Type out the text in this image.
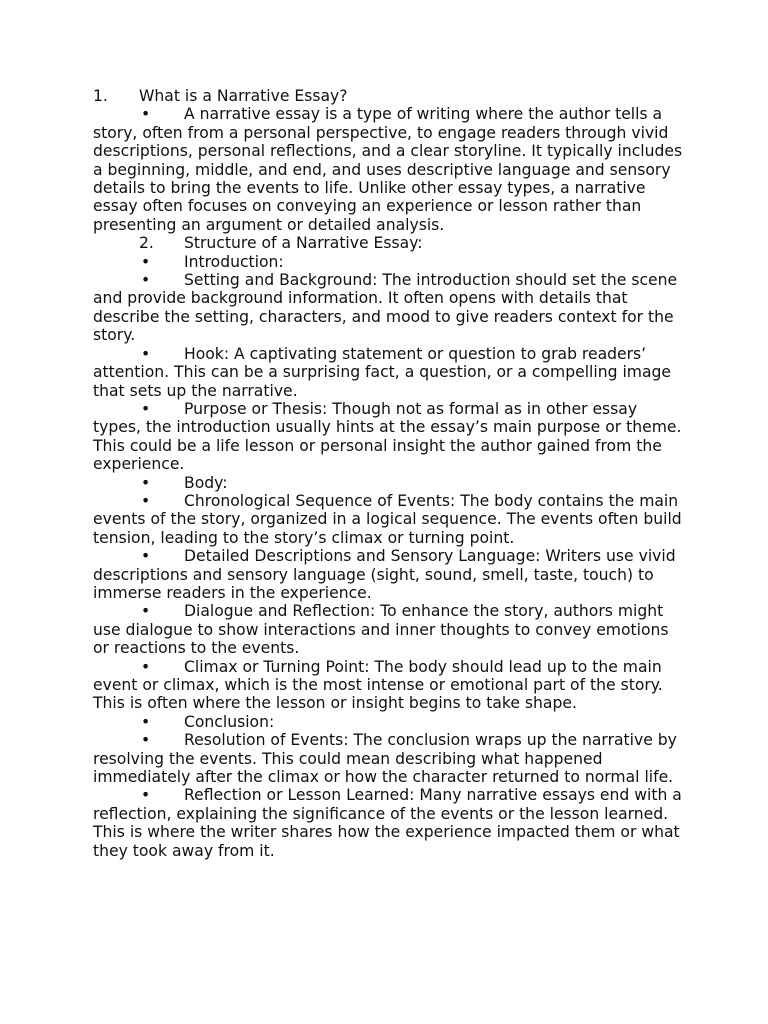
1. What is a Narrative Essay?

• A narrative essay is a type of writing where the author tells a story, often from a personal perspective, to engage readers through vivid descriptions, personal reflections, and a clear storyline. It typically includes a beginning, middle, and end, and uses descriptive language and sensory details to bring the events to life. Unlike other essay types, a narrative essay often focuses on conveying an experience or lesson rather than presenting an argument or detailed analysis.

2. Structure of a Narrative Essay:

• Introduction:

• Setting and Background: The introduction should set the scene and provide background information. It often opens with details that describe the setting, characters, and mood to give readers context for the story.

• Hook: A captivating statement or question to grab readers’ attention. This can be a surprising fact, a question, or a compelling image that sets up the narrative.

• Purpose or Thesis: Though not as formal as in other essay types, the introduction usually hints at the essay’s main purpose or theme. This could be a life lesson or personal insight the author gained from the experience.

• Body:

• Chronological Sequence of Events: The body contains the main events of the story, organized in a logical sequence. The events often build tension, leading to the story’s climax or turning point.

• Detailed Descriptions and Sensory Language: Writers use vivid descriptions and sensory language (sight, sound, smell, taste, touch) to immerse readers in the experience.

• Dialogue and Reflection: To enhance the story, authors might use dialogue to show interactions and inner thoughts to convey emotions or reactions to the events.

• Climax or Turning Point: The body should lead up to the main event or climax, which is the most intense or emotional part of the story. This is often where the lesson or insight begins to take shape.

• Conclusion:

• Resolution of Events: The conclusion wraps up the narrative by resolving the events. This could mean describing what happened immediately after the climax or how the character returned to normal life.

• Reflection or Lesson Learned: Many narrative essays end with a reflection, explaining the significance of the events or the lesson learned. This is where the writer shares how the experience impacted them or what they took away from it.
